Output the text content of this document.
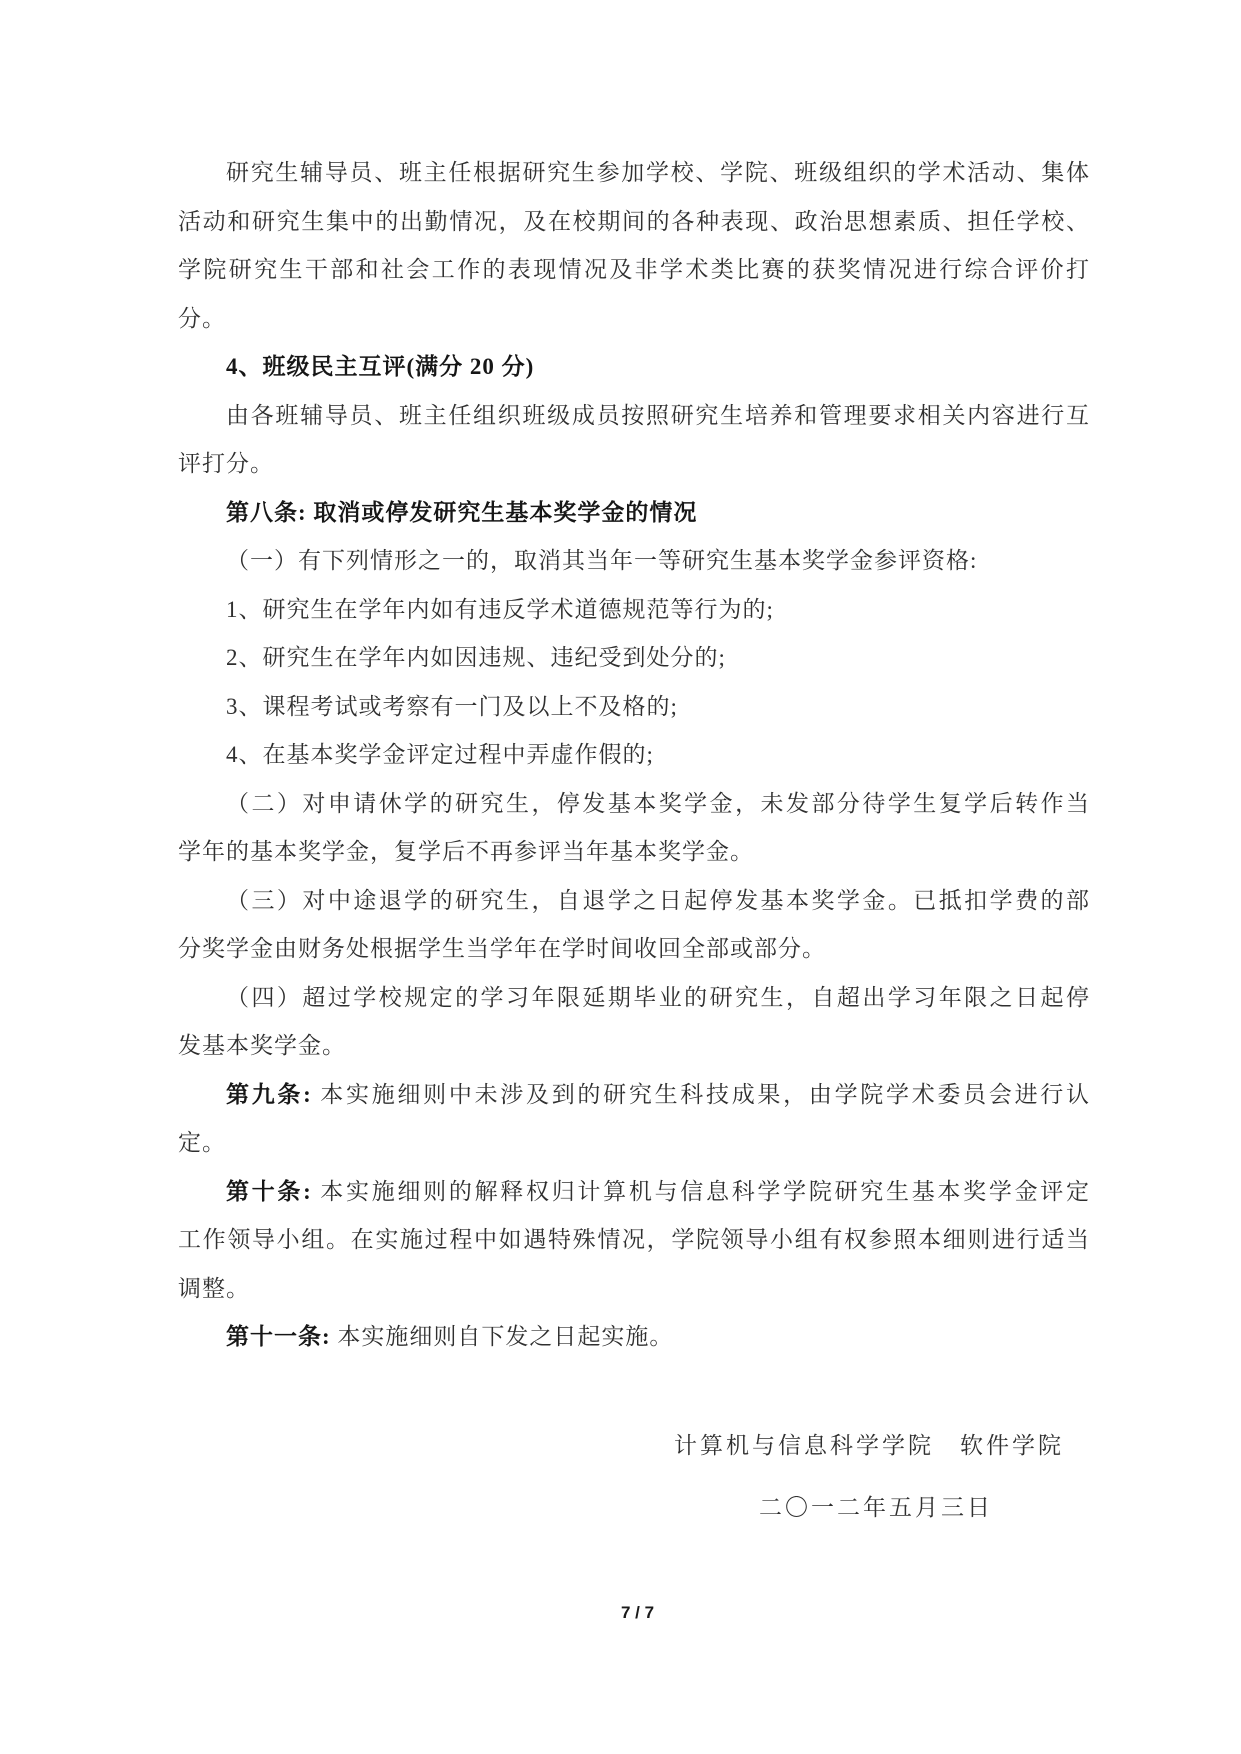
研究生辅导员、班主任根据研究生参加学校、学院、班级组织的学术活动、集体
活动和研究生集中的出勤情况，及在校期间的各种表现、政治思想素质、担任学校、
学院研究生干部和社会工作的表现情况及非学术类比赛的获奖情况进行综合评价打
分。
4、班级民主互评(满分 20 分)
由各班辅导员、班主任组织班级成员按照研究生培养和管理要求相关内容进行互
评打分。
第八条: 取消或停发研究生基本奖学金的情况
（一）有下列情形之一的，取消其当年一等研究生基本奖学金参评资格:
1、研究生在学年内如有违反学术道德规范等行为的;
2、研究生在学年内如因违规、违纪受到处分的;
3、课程考试或考察有一门及以上不及格的;
4、在基本奖学金评定过程中弄虚作假的;
（二）对申请休学的研究生，停发基本奖学金，未发部分待学生复学后转作当
学年的基本奖学金，复学后不再参评当年基本奖学金。
（三）对中途退学的研究生，自退学之日起停发基本奖学金。已抵扣学费的部
分奖学金由财务处根据学生当学年在学时间收回全部或部分。
（四）超过学校规定的学习年限延期毕业的研究生，自超出学习年限之日起停
发基本奖学金。
第九条: 本实施细则中未涉及到的研究生科技成果，由学院学术委员会进行认
定。
第十条: 本实施细则的解释权归计算机与信息科学学院研究生基本奖学金评定
工作领导小组。在实施过程中如遇特殊情况，学院领导小组有权参照本细则进行适当
调整。
第十一条: 本实施细则自下发之日起实施。
计算机与信息科学学院　软件学院
二〇一二年五月三日
7 / 7
